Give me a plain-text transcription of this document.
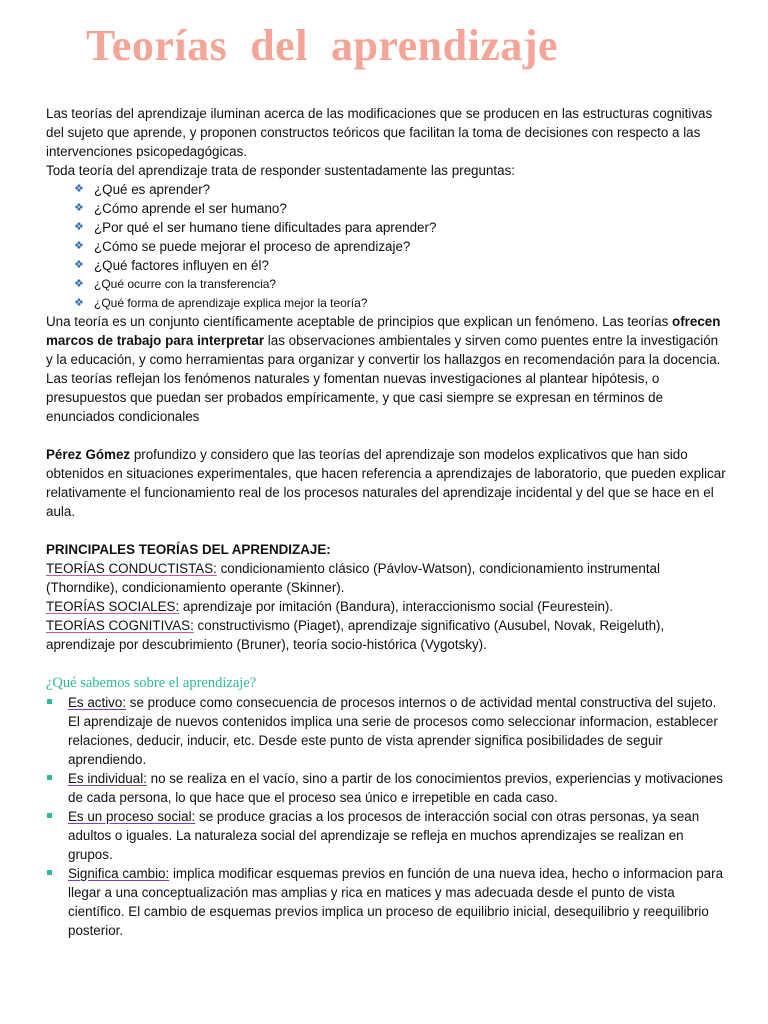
Teorías  del  aprendizaje

Las teorías del aprendizaje iluminan acerca de las modificaciones que se producen en las estructuras cognitivas del sujeto que aprende, y proponen constructos teóricos que facilitan la toma de decisiones con respecto a las intervenciones psicopedagógicas.

Toda teoría del aprendizaje trata de responder sustentadamente las preguntas:

❖ ¿Qué es aprender?
❖ ¿Cómo aprende el ser humano?
❖ ¿Por qué el ser humano tiene dificultades para aprender?
❖ ¿Cómo se puede mejorar el proceso de aprendizaje?
❖ ¿Qué factores influyen en él?
❖ ¿Qué ocurre con la transferencia?
❖ ¿Qué forma de aprendizaje explica mejor la teoría?

Una teoría es un conjunto científicamente aceptable de principios que explican un fenómeno. Las teorías ofrecen marcos de trabajo para interpretar las observaciones ambientales y sirven como puentes entre la investigación y la educación, y como herramientas para organizar y convertir los hallazgos en recomendación para la docencia.

Las teorías reflejan los fenómenos naturales y fomentan nuevas investigaciones al plantear hipótesis, o presupuestos que puedan ser probados empíricamente, y que casi siempre se expresan en términos de enunciados condicionales

Pérez Gómez profundizo y considero que las teorías del aprendizaje son modelos explicativos que han sido obtenidos en situaciones experimentales, que hacen referencia a aprendizajes de laboratorio, que pueden explicar relativamente el funcionamiento real de los procesos naturales del aprendizaje incidental y del que se hace en el aula.

PRINCIPALES TEORÍAS DEL APRENDIZAJE:

TEORÍAS CONDUCTISTAS: condicionamiento clásico (Pávlov-Watson), condicionamiento instrumental (Thorndike), condicionamiento operante (Skinner).

TEORÍAS SOCIALES: aprendizaje por imitación (Bandura), interaccionismo social (Feurestein).

TEORÍAS COGNITIVAS: constructivismo (Piaget), aprendizaje significativo (Ausubel, Novak, Reigeluth), aprendizaje por descubrimiento (Bruner), teoría socio-histórica (Vygotsky).

¿Qué sabemos sobre el aprendizaje?
Es activo: se produce como consecuencia de procesos internos o de actividad mental constructiva del sujeto. El aprendizaje de nuevos contenidos implica una serie de procesos como seleccionar informacion, establecer relaciones, deducir, inducir, etc. Desde este punto de vista aprender significa posibilidades de seguir aprendiendo.
Es individual: no se realiza en el vacío, sino a partir de los conocimientos previos, experiencias y motivaciones de cada persona, lo que hace que el proceso sea único e irrepetible en cada caso.
Es un proceso social: se produce gracias a los procesos de interacción social con otras personas, ya sean adultos o iguales. La naturaleza social del aprendizaje se refleja en muchos aprendizajes se realizan en grupos.
Significa cambio: implica modificar esquemas previos en función de una nueva idea, hecho o informacion para llegar a una conceptualización mas amplias y rica en matices y mas adecuada desde el punto de vista científico. El cambio de esquemas previos implica un proceso de equilibrio inicial, desequilibrio y reequilibrio posterior.
